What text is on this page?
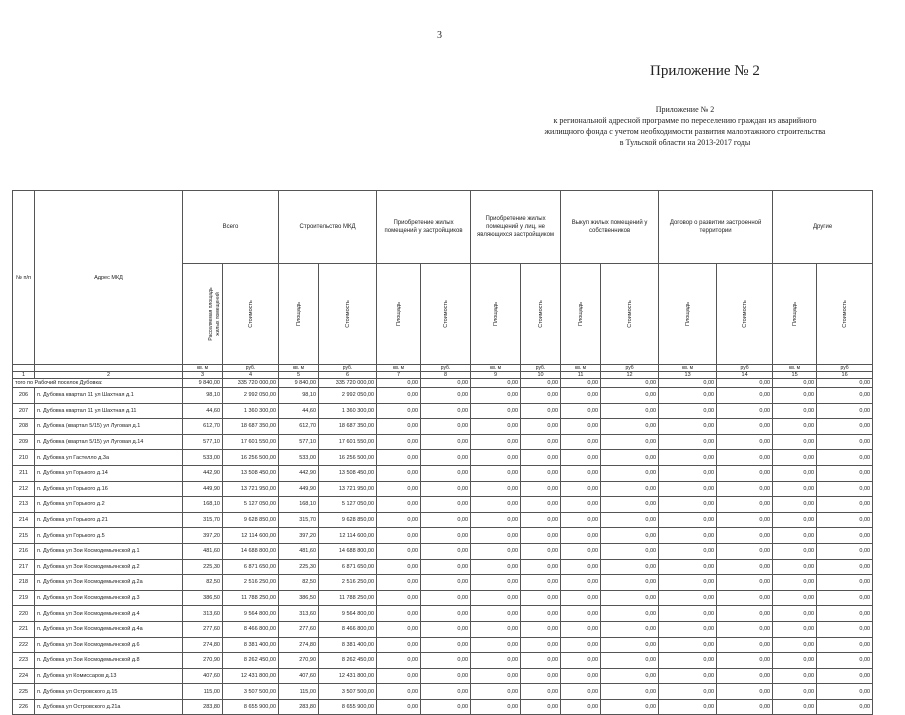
3
Приложение № 2
Приложение № 2
к региональной адресной программе по переселению граждан из аварийного
жилищного фонда с учетом необходимости развития малоэтажного строительства
в Тульской области на 2013-2017 годы
№ п/п	Адрес МКД	Всего		Строительство МКД		Приобретение жилых помещений у застройщиков		Приобретение жилых помещений у лиц, не являющихся застройщиком		Выкуп жилых помещений у собственников		Договор о развитии застроенной территории		Другие	
		Расселяемая площадь жилых помещений	Стоимость	Площадь	Стоимость	Площадь	Стоимость	Площадь	Стоимость	Площадь	Стоимость	Площадь	Стоимость	Площадь	Стоимость
		кв. м	руб.	кв. м	руб.	кв. м	руб.	кв. м	руб.	кв. м	руб	кв. м	руб	кв. м	руб
1	2	3	4	5	6	7	8	9	10	11	12	13	14	15	16
того по Рабочий поселок Дубовка:		9 840,00	335 720 000,00	9 840,00	335 720 000,00	0,00	0,00	0,00	0,00	0,00	0,00	0,00	0,00	0,00	0,00
206	п. Дубовка квартал 11 ул Шахтная д.1	98,10	2 992 050,00	98,10	2 992 050,00	0,00	0,00	0,00	0,00	0,00	0,00	0,00	0,00	0,00	0,00
207	п. Дубовка квартал 11 ул Шахтная д.11	44,60	1 360 300,00	44,60	1 360 300,00	0,00	0,00	0,00	0,00	0,00	0,00	0,00	0,00	0,00	0,00
208	п. Дубовка (квартал 5/15) ул Луговая д.1	612,70	18 687 350,00	612,70	18 687 350,00	0,00	0,00	0,00	0,00	0,00	0,00	0,00	0,00	0,00	0,00
209	п. Дубовка (квартал 5/15) ул Луговая д.14	577,10	17 601 550,00	577,10	17 601 550,00	0,00	0,00	0,00	0,00	0,00	0,00	0,00	0,00	0,00	0,00
210	п. Дубовка ул Гастелло д.3а	533,00	16 256 500,00	533,00	16 256 500,00	0,00	0,00	0,00	0,00	0,00	0,00	0,00	0,00	0,00	0,00
211	п. Дубовка ул Горького д.14	442,90	13 508 450,00	442,90	13 508 450,00	0,00	0,00	0,00	0,00	0,00	0,00	0,00	0,00	0,00	0,00
212	п. Дубовка ул Горького д.16	449,90	13 721 950,00	449,90	13 721 950,00	0,00	0,00	0,00	0,00	0,00	0,00	0,00	0,00	0,00	0,00
213	п. Дубовка ул Горького д.2	168,10	5 127 050,00	168,10	5 127 050,00	0,00	0,00	0,00	0,00	0,00	0,00	0,00	0,00	0,00	0,00
214	п. Дубовка ул Горького д.21	315,70	9 628 850,00	315,70	9 628 850,00	0,00	0,00	0,00	0,00	0,00	0,00	0,00	0,00	0,00	0,00
215	п. Дубовка ул Горького д.5	397,20	12 114 600,00	397,20	12 114 600,00	0,00	0,00	0,00	0,00	0,00	0,00	0,00	0,00	0,00	0,00
216	п. Дубовка ул Зои Космодемьянской д.1	481,60	14 688 800,00	481,60	14 688 800,00	0,00	0,00	0,00	0,00	0,00	0,00	0,00	0,00	0,00	0,00
217	п. Дубовка ул Зои Космодемьянской д.2	225,30	6 871 650,00	225,30	6 871 650,00	0,00	0,00	0,00	0,00	0,00	0,00	0,00	0,00	0,00	0,00
218	п. Дубовка ул Зои Космодемьянской д.2а	82,50	2 516 250,00	82,50	2 516 250,00	0,00	0,00	0,00	0,00	0,00	0,00	0,00	0,00	0,00	0,00
219	п. Дубовка ул Зои Космодемьянской д.3	386,50	11 788 250,00	386,50	11 788 250,00	0,00	0,00	0,00	0,00	0,00	0,00	0,00	0,00	0,00	0,00
220	п. Дубовка ул Зои Космодемьянской д.4	313,60	9 564 800,00	313,60	9 564 800,00	0,00	0,00	0,00	0,00	0,00	0,00	0,00	0,00	0,00	0,00
221	п. Дубовка ул Зои Космодемьянской д.4а	277,60	8 466 800,00	277,60	8 466 800,00	0,00	0,00	0,00	0,00	0,00	0,00	0,00	0,00	0,00	0,00
222	п. Дубовка ул Зои Космодемьянской д.6	274,80	8 381 400,00	274,80	8 381 400,00	0,00	0,00	0,00	0,00	0,00	0,00	0,00	0,00	0,00	0,00
223	п. Дубовка ул Зои Космодемьянской д.8	270,90	8 262 450,00	270,90	8 262 450,00	0,00	0,00	0,00	0,00	0,00	0,00	0,00	0,00	0,00	0,00
224	п. Дубовка ул Комиссаров д.13	407,60	12 431 800,00	407,60	12 431 800,00	0,00	0,00	0,00	0,00	0,00	0,00	0,00	0,00	0,00	0,00
225	п. Дубовка ул Островского д.15	115,00	3 507 500,00	115,00	3 507 500,00	0,00	0,00	0,00	0,00	0,00	0,00	0,00	0,00	0,00	0,00
226	п. Дубовка ул Островского д.21а	283,80	8 655 900,00	283,80	8 655 900,00	0,00	0,00	0,00	0,00	0,00	0,00	0,00	0,00	0,00	0,00
